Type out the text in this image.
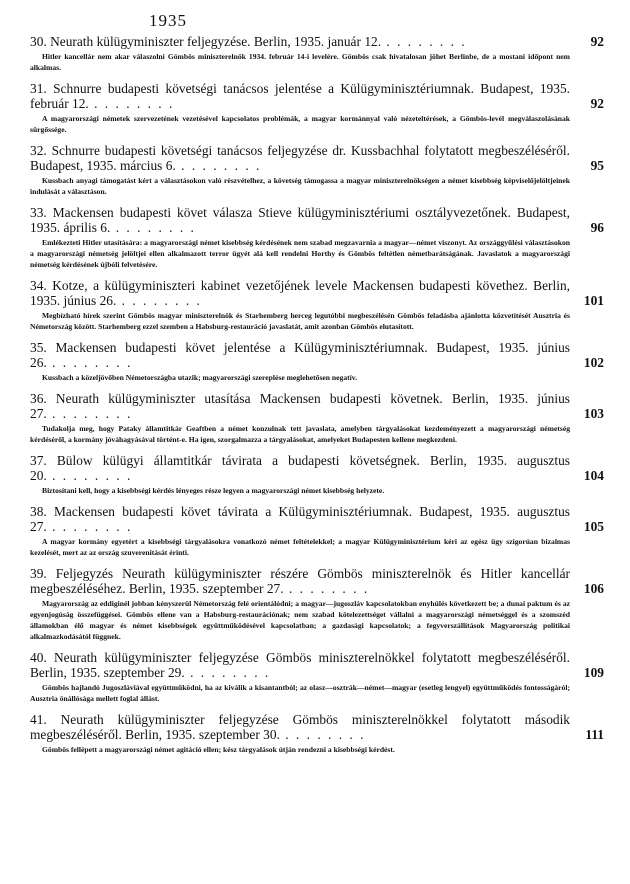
1935
30. Neurath külügyminiszter feljegyzése. Berlin, 1935. január 12. . . . . . . . .	92
Hitler kancellár nem akar válaszolni Gömbös miniszterelnök 1934. február 14-i levelére. Gömbös csak hivatalosan jöhet Berlinbe, de a mostani időpont nem alkalmas.
31. Schnurre budapesti követségi tanácsos jelentése a Külügyminisztériumnak. Budapest, 1935. február 12. . . . . . . . .	92
A magyarországi németek szervezetének vezetésével kapcsolatos problémák, a magyar kormánnyal való nézeteltérések, a Gömbös-levél megválaszolásának sürgőssége.
32. Schnurre budapesti követségi tanácsos feljegyzése dr. Kussbachhal folytatott megbeszéléséről. Budapest, 1935. március 6. . . . . . . . .	95
Kussbach anyagi támogatást kért a választásokon való részvételhez, a követség támogassa a magyar miniszterelnökségen a német kisebbség képviselőjelöltjeinek indulását a választáson.
33. Mackensen budapesti követ válasza Stieve külügyminisztériumi osztályvezetőnek. Budapest, 1935. április 6. . . . . . . . .	96
Emlékezteti Hitler utasítására: a magyarországi német kisebbség kérdésének nem szabad megzavarnia a magyar—német viszonyt. Az országgyűlési választásokon a magyarországi németség jelöltjei ellen alkalmazott terror ügyét alá kell rendelni Horthy és Gömbös feltétlen németbarátságának. Javaslatok a magyarországi németség kérdésének újbóli felvetésére.
34. Kotze, a külügyminiszteri kabinet vezetőjének levele Mackensen budapesti követhez. Berlin, 1935. június 26. . . . . . . . .	101
Megbízható hírek szerint Gömbös magyar miniszterelnök és Starhemberg herceg legutóbbi megbeszélésén Gömbös feladásba ajánlotta közvetítését Ausztria és Németország között. Starhemberg ezzel szemben a Habsburg-restauráció javaslatát, amit azonban Gömbös elutasított.
35. Mackensen budapesti követ jelentése a Külügyminisztériumnak. Budapest, 1935. június 26. . . . . . . . .	102
Kussbach a közeljövőben Németországba utazik; magyarországi szereplése meglehetősen negatív.
36. Neurath külügyminiszter utasítása Mackensen budapesti követnek. Berlin, 1935. június 27. . . . . . . . .	103
Tudakolja meg, hogy Pataky államtitkár Geaftben a német konzulnak tett javaslata, amelyben tárgyalásokat kezdeményezett a magyarországi németség kérdéséről, a kormány jóváhagyásával történt-e. Ha igen, szorgalmazza a tárgyalásokat, amelyeket Budapesten kellene megkezdeni.
37. Bülow külügyi államtitkár távirata a budapesti követségnek. Berlin, 1935. augusztus 20. . . . . . . . .	104
Biztosítani kell, hogy a kisebbségi kérdés lényeges része legyen a magyarországi német kisebbség helyzete.
38. Mackensen budapesti követ távirata a Külügyminisztériumnak. Budapest, 1935. augusztus 27. . . . . . . . .	105
A magyar kormány egyetért a kisebbségi tárgyalásokra vonatkozó német feltételekkel; a magyar Külügyminisztérium kéri az egész ügy szigorúan bizalmas kezelését, mert az az ország szuverenitását érinti.
39. Feljegyzés Neurath külügyminiszter részére Gömbös miniszterelnök és Hitler kancellár megbeszéléséhez. Berlin, 1935. szeptember 27. . . . . . . . .	106
Magyarország az eddiginél jobban kényszerül Németország felé orientálódni; a magyar—jugoszláv kapcsolatokban enyhülés következett be; a dunai paktum és az egyenjogúság összefüggései. Gömbös ellene van a Habsburg-restaurációnak; nem szabad kötelezettséget vállalni a magyarországi németséggel és a szomszéd államokban élő magyar és német kisebbségek együttműködésével kapcsolatban; a gazdasági kapcsolatok; a fegyverszállítások Magyarország politikai alkalmazkodásától függnek.
40. Neurath külügyminiszter feljegyzése Gömbös miniszterelnökkel folytatott megbeszéléséről. Berlin, 1935. szeptember 29. . . . . . . . .	109
Gömbös hajlandó Jugoszláviával együttműködni, ha az kiválik a kisantantból; az olasz—osztrák—német—magyar (esetleg lengyel) együttműködés fontosságáról; Ausztria önállósága mellett foglal állást.
41. Neurath külügyminiszter feljegyzése Gömbös miniszterelnökkel folytatott második megbeszéléséről. Berlin, 1935. szeptember 30. . . . . . . . .	111
Gömbös fellépett a magyarországi német agitáció ellen; kész tárgyalások útján rendezni a kisebbségi kérdést.
